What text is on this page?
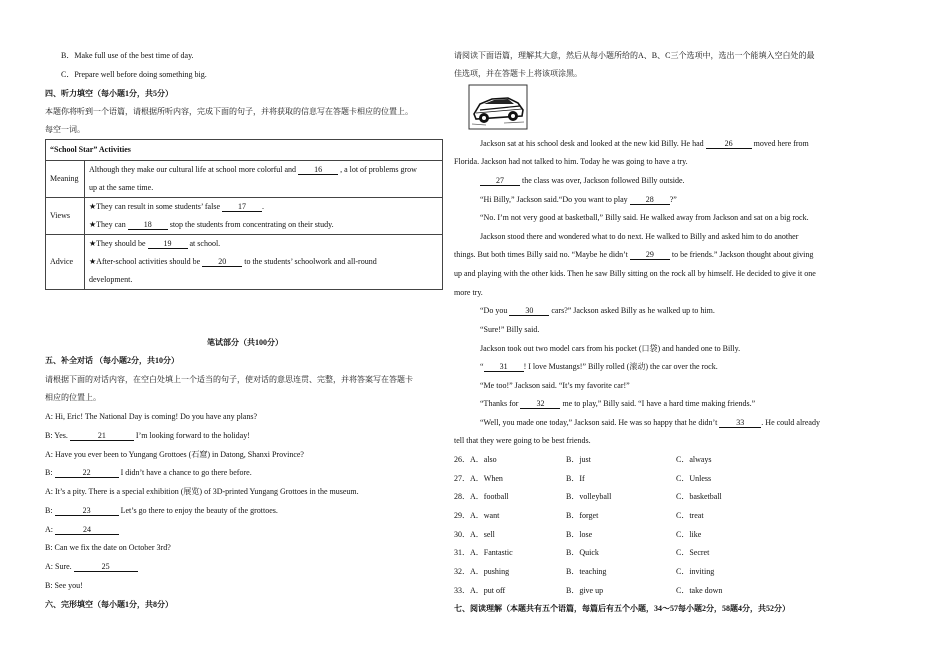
B．Make full use of the best time of day.
C．Prepare well before doing something big.
四、听力填空（每小题1分，共5分）
本题你将听到一个语篇，请根据所听内容，完成下面的句子，并将获取的信息写在答题卡相应的位置上。
每空一词。
“School Star” Activities	
Meaning	Although they make our cultural life at school more colorful and 16 , a lot of problems grow
up at the same time.
Views	★They can result in some students’ false 17 .
★They can 18 stop the students from concentrating on their study.
Advice	★They should be 19 at school.
★After-school activities should be 20 to the students’ schoolwork and all-round
development.
笔试部分（共100分）
五、补全对话 （每小题2分，共10分）
请根据下面的对话内容，在空白处填上一个适当的句子，使对话的意思连贯、完整，并将答案写在答题卡
相应的位置上。
A: Hi, Eric! The National Day is coming! Do you have any plans?
B: Yes.	21	I’m looking forward to the holiday!
A: Have you ever been to Yungang Grottoes (石窟) in Datong, Shanxi Province?
B:	22	I didn’t have a chance to go there before.
A: It’s a pity. There is a special exhibition (展览) of 3D-printed Yungang Grottoes in the museum.
B:	23	Let’s go there to enjoy the beauty of the grottoes.
A:	24
B: Can we fix the date on October 3rd?
A: Sure.	25
B: See you!
六、完形填空（每小题1分，共8分）
请阅读下面语篇，理解其大意，然后从每小题所给的A、B、C三个选项中，选出一个能填入空白处的最
佳选项，并在答题卡上将该项涂黑。
Jackson sat at his school desk and looked at the new kid Billy. He had	26	moved here from
Florida. Jackson had not talked to him. Today he was going to have a try.
27 the class was over, Jackson followed Billy outside.
“Hi Billy,” Jackson said.“Do you want to play 28 ?”
“No. I’m not very good at basketball,” Billy said. He walked away from Jackson and sat on a big rock.
Jackson stood there and wondered what to do next. He walked to Billy and asked him to do another
things. But both times Billy said no. “Maybe he didn’t 29 to be friends.” Jackson thought about giving
up and playing with the other kids. Then he saw Billy sitting on the rock all by himself. He decided to give it one
more try.
“Do you 30 cars?” Jackson asked Billy as he walked up to him.
“Sure!” Billy said.
Jackson took out two model cars from his pocket (口袋) and handed one to Billy.
“ 31 ! I love Mustangs!” Billy rolled (滚动) the car over the rock.
“Me too!” Jackson said. “It’s my favorite car!”
“Thanks for 32 me to play,” Billy said. “I have a hard time making friends.”
“Well, you made one today,” Jackson said. He was so happy that he didn’t 33 . He could already
tell that they were going to be best friends.
26．A．also	B．just	C．always
27．A．When	B．If	C．Unless
28．A．football	B．volleyball	C．basketball
29．A．want	B．forget	C．treat
30．A．sell	B．lose	C．like
31．A．Fantastic	B．Quick	C．Secret
32．A．pushing	B．teaching	C．inviting
33．A．put off	B．give up	C．take down
七、阅读理解（本题共有五个语篇，每篇后有五个小题，34～57每小题2分，58题4分，共52分）
